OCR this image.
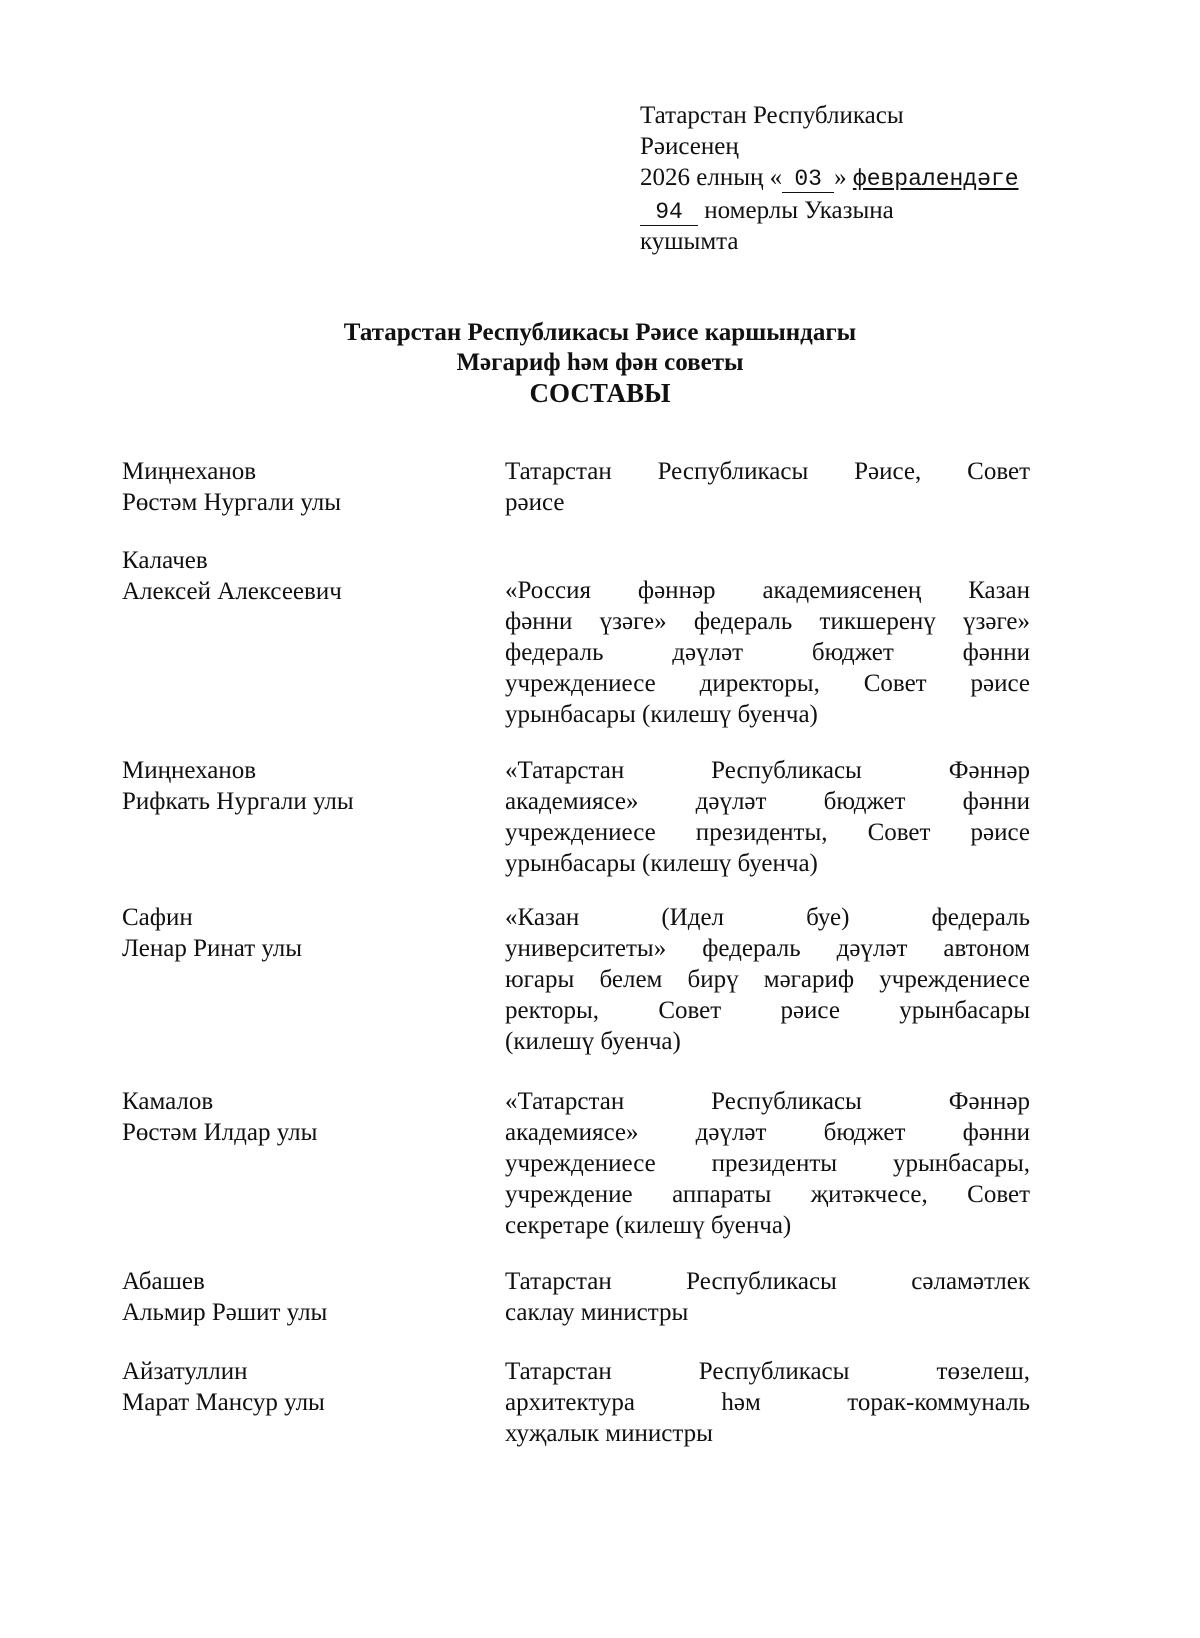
Татарстан Республикасы
Рәисенең
2026 елның « 03 » февралендәге
94 номерлы Указына
кушымта
Татарстан Республикасы Рәисе каршындагы
Мәгариф һәм фән советы
СОСТАВЫ
Миңнеханов
Рөстәм Нургали улы
Татарстан Республикасы Рәисе, Совет
рәисе
Калачев
Алексей Алексеевич	«Россия фәннәр академиясенең Казан
фәнни үзәге» федераль тикшеренү үзәге»
федераль дәүләт бюджет фәнни
учреждениесе директоры, Совет рәисе
урынбасары (килешү буенча)
Миңнеханов
Рифкать Нургали улы
«Татарстан Республикасы Фәннәр
академиясе» дәүләт бюджет фәнни
учреждениесе президенты, Совет рәисе
урынбасары (килешү буенча)
Сафин
Ленар Ринат улы
«Казан (Идел буе) федераль
университеты» федераль дәүләт автоном
югары белем бирү мәгариф учреждениесе
ректоры, Совет рәисе урынбасары
(килешү буенча)
Камалов
Рөстәм Илдар улы
«Татарстан Республикасы Фәннәр
академиясе» дәүләт бюджет фәнни
учреждениесе президенты урынбасары,
учреждение аппараты җитәкчесе, Совет
секретаре (килешү буенча)
Абашев
Альмир Рәшит улы
Татарстан Республикасы сәламәтлек
саклау министры
Айзатуллин
Марат Мансур улы
Татарстан Республикасы төзелеш,
архитектура һәм торак-коммуналь
хуҗалык министры
